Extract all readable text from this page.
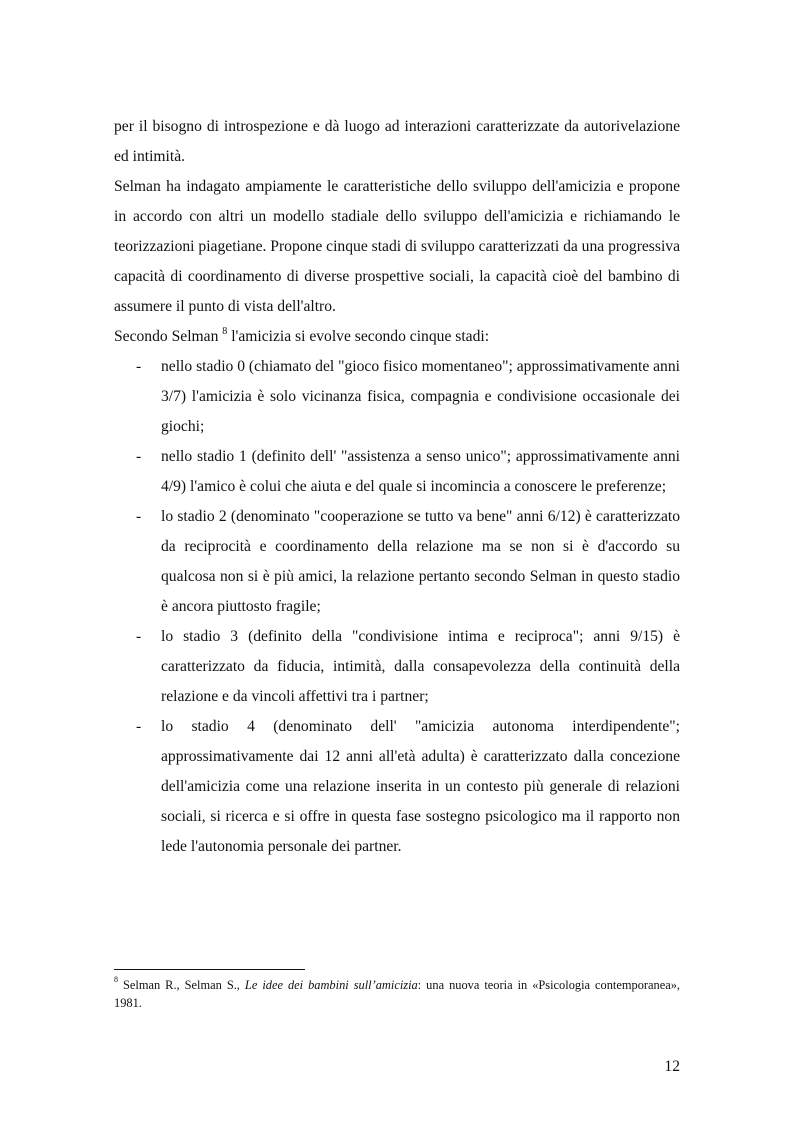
per il bisogno di introspezione e dà luogo ad interazioni caratterizzate da autorivelazione ed intimità.

Selman ha indagato ampiamente le caratteristiche dello sviluppo dell'amicizia e propone in accordo con altri un modello stadiale dello sviluppo dell'amicizia e richiamando le teorizzazioni piagetiane. Propone cinque stadi di sviluppo caratterizzati da una progressiva capacità di coordinamento di diverse prospettive sociali, la capacità cioè del bambino di assumere il punto di vista dell'altro.

Secondo Selman $^8$ l'amicizia si evolve secondo cinque stadi:

- nello stadio 0 (chiamato del "gioco fisico momentaneo"; approssimativamente anni 3/7) l'amicizia è solo vicinanza fisica, compagnia e condivisione occasionale dei giochi;
- nello stadio 1 (definito dell' "assistenza a senso unico"; approssimativamente anni 4/9) l'amico è colui che aiuta e del quale si incomincia a conoscere le preferenze;
- lo stadio 2 (denominato "cooperazione se tutto va bene" anni 6/12) è caratterizzato da reciprocità e coordinamento della relazione ma se non si è d'accordo su qualcosa non si è più amici, la relazione pertanto secondo Selman in questo stadio è ancora piuttosto fragile;
- lo stadio 3 (definito della "condivisione intima e reciproca"; anni 9/15) è caratterizzato da fiducia, intimità, dalla consapevolezza della continuità della relazione e da vincoli affettivi tra i partner;
- lo stadio 4 (denominato dell' "amicizia autonoma interdipendente"; approssimativamente dai 12 anni all'età adulta) è caratterizzato dalla concezione dell'amicizia come una relazione inserita in un contesto più generale di relazioni sociali, si ricerca e si offre in questa fase sostegno psicologico ma il rapporto non lede l'autonomia personale dei partner.

$^8$ Selman R., Selman S., Le idee dei bambini sull’amicizia: una nuova teoria in «Psicologia contemporanea», 1981.

12
